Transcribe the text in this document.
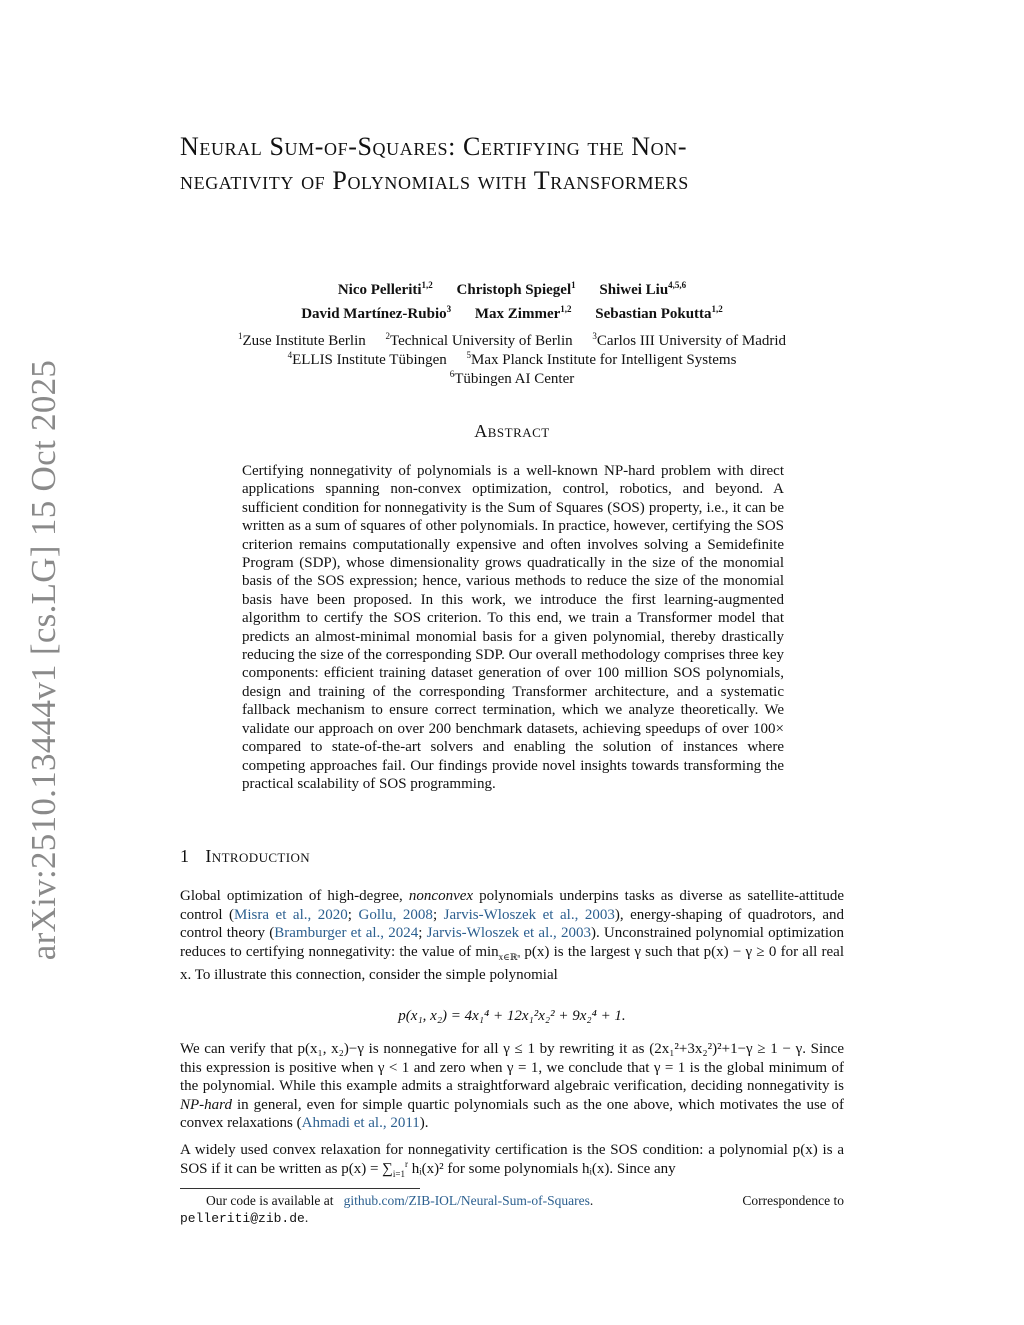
arXiv:2510.13444v1 [cs.LG] 15 Oct 2025
Neural Sum-of-Squares: Certifying the Non-
negativity of Polynomials with Transformers
Nico Pelleriti$^{1,2}$ Christoph Spiegel$^1$ Shiwei Liu$^{4,5,6}$
David Martínez-Rubio$^3$ Max Zimmer$^{1,2}$ Sebastian Pokutta$^{1,2}$
$^1$Zuse Institute Berlin $^2$Technical University of Berlin $^3$Carlos III University of Madrid
$^4$ELLIS Institute Tübingen $^5$Max Planck Institute for Intelligent Systems
$^6$Tübingen AI Center
Abstract
Certifying nonnegativity of polynomials is a well-known NP-hard problem with direct applications spanning non-convex optimization, control, robotics, and beyond. A sufficient condition for nonnegativity is the Sum of Squares (SOS) property, i.e., it can be written as a sum of squares of other polynomials. In practice, however, certifying the SOS criterion remains computationally expensive and often involves solving a Semidefinite Program (SDP), whose dimensionality grows quadratically in the size of the monomial basis of the SOS expression; hence, various methods to reduce the size of the monomial basis have been proposed. In this work, we introduce the first learning-augmented algorithm to certify the SOS criterion. To this end, we train a Transformer model that predicts an almost-minimal monomial basis for a given polynomial, thereby drastically reducing the size of the corresponding SDP. Our overall methodology comprises three key components: efficient training dataset generation of over 100 million SOS polynomials, design and training of the corresponding Transformer architecture, and a systematic fallback mechanism to ensure correct termination, which we analyze theoretically. We validate our approach on over 200 benchmark datasets, achieving speedups of over 100× compared to state-of-the-art solvers and enabling the solution of instances where competing approaches fail. Our findings provide novel insights towards transforming the practical scalability of SOS programming.
1 Introduction
Global optimization of high-degree, nonconvex polynomials underpins tasks as diverse as satellite-attitude control (Misra et al., 2020; Gollu, 2008; Jarvis-Wloszek et al., 2003), energy-shaping of quadrotors, and control theory (Bramburger et al., 2024; Jarvis-Wloszek et al., 2003). Unconstrained polynomial optimization reduces to certifying nonnegativity: the value of $\min_{x\in ℝ^n} p(x)$ is the largest γ such that p(x) − γ ≥ 0 for all real x. To illustrate this connection, consider the simple polynomial
p(x₁, x₂) = 4x₁⁴ + 12x₁²x₂² + 9x₂⁴ + 1.
We can verify that p(x₁, x₂)−γ is nonnegative for all γ ≤ 1 by rewriting it as (2x₁²+3x₂²)²+1−γ ≥ 1 − γ. Since this expression is positive when γ < 1 and zero when γ = 1, we conclude that γ = 1 is the global minimum of the polynomial. While this example admits a straightforward algebraic verification, deciding nonnegativity is NP-hard in general, even for simple quartic polynomials such as the one above, which motivates the use of convex relaxations (Ahmadi et al., 2011).
A widely used convex relaxation for nonnegativity certification is the SOS condition: a polynomial p(x) is a SOS if it can be written as $p(x) = \sum_{i=1}^r$ hᵢ(x)² for some polynomials hᵢ(x). Since any
Our code is available at github.com/ZIB-IOL/Neural-Sum-of-Squares.	Correspondence to
pelleriti@zib.de.
